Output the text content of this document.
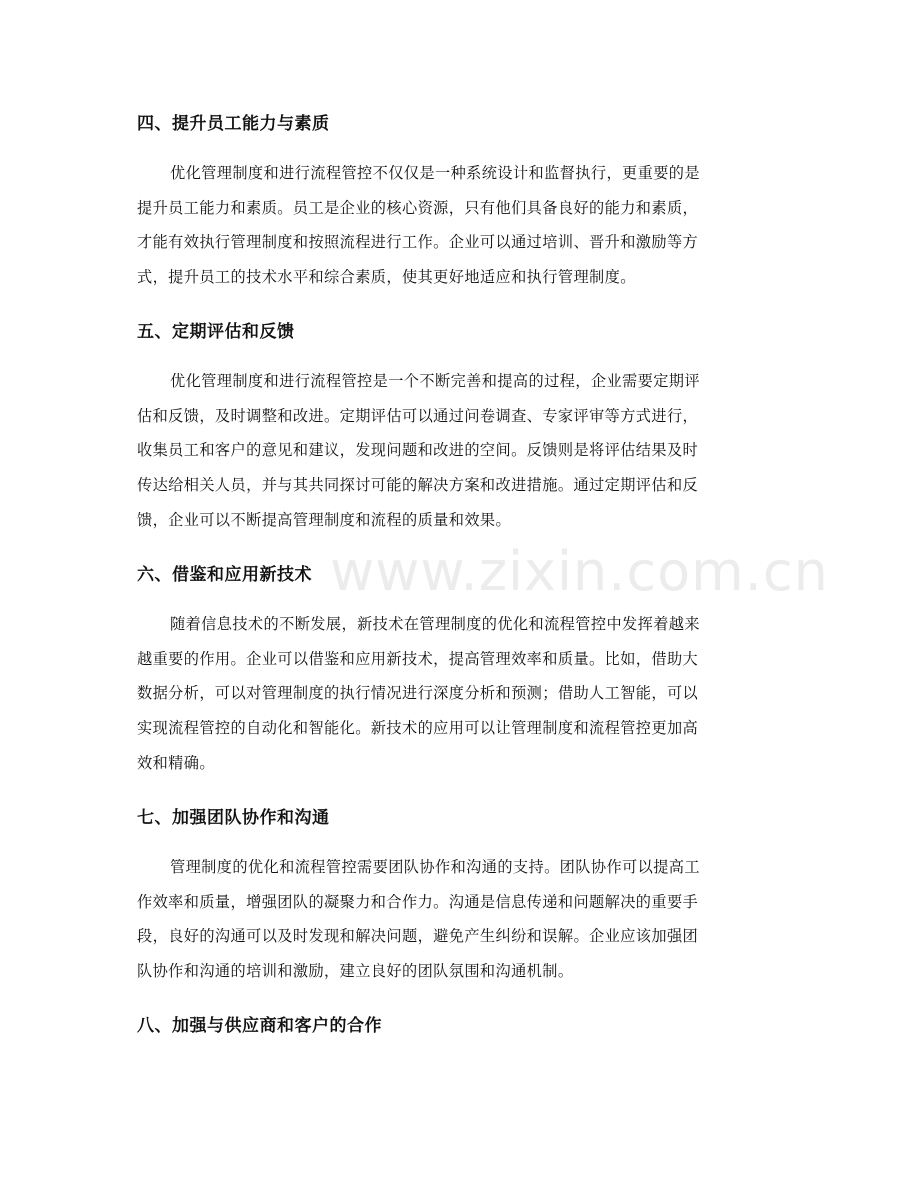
四、提升员工能力与素质
优化管理制度和进行流程管控不仅仅是一种系统设计和监督执行，更重要的是
提升员工能力和素质。员工是企业的核心资源，只有他们具备良好的能力和素质，
才能有效执行管理制度和按照流程进行工作。企业可以通过培训、晋升和激励等方
式，提升员工的技术水平和综合素质，使其更好地适应和执行管理制度。
五、定期评估和反馈
优化管理制度和进行流程管控是一个不断完善和提高的过程，企业需要定期评
估和反馈，及时调整和改进。定期评估可以通过问卷调查、专家评审等方式进行，
收集员工和客户的意见和建议，发现问题和改进的空间。反馈则是将评估结果及时
传达给相关人员，并与其共同探讨可能的解决方案和改进措施。通过定期评估和反
馈，企业可以不断提高管理制度和流程的质量和效果。
六、借鉴和应用新技术
随着信息技术的不断发展，新技术在管理制度的优化和流程管控中发挥着越来
越重要的作用。企业可以借鉴和应用新技术，提高管理效率和质量。比如，借助大
数据分析，可以对管理制度的执行情况进行深度分析和预测；借助人工智能，可以
实现流程管控的自动化和智能化。新技术的应用可以让管理制度和流程管控更加高
效和精确。
七、加强团队协作和沟通
管理制度的优化和流程管控需要团队协作和沟通的支持。团队协作可以提高工
作效率和质量，增强团队的凝聚力和合作力。沟通是信息传递和问题解决的重要手
段，良好的沟通可以及时发现和解决问题，避免产生纠纷和误解。企业应该加强团
队协作和沟通的培训和激励，建立良好的团队氛围和沟通机制。
八、加强与供应商和客户的合作
www.zixin.com.cn
